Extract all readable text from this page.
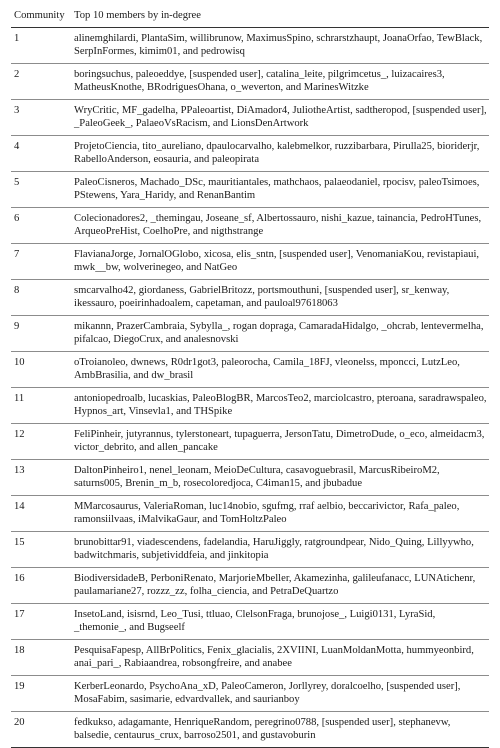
Community	Top 10 members by in-degree
1	alinemghilardi, PlantaSim, willibrunow, MaximusSpino, schrarstzhaupt, JoanaOrfao, TewBlack, SerpInFormes, kimim01, and pedrowisq
2	boringsuchus, paleoeddye, [suspended user], catalina_leite, pilgrimcetus_, luizacaires3, MatheusKnothe, BRodriguesOhana, o_weverton, and MarinesWitzke
3	WryCritic, MF_gadelha, PPaleoartist, DiAmador4, JuliotheArtist, sadtheropod, [suspended user], _PaleoGeek_, PalaeoVsRacism, and LionsDenArtwork
4	ProjetoCiencia, tito_aureliano, dpaulocarvalho, kalebmelkor, ruzzibarbara, Pirulla25, bioriderjr, RabelloAnderson, eosauria, and paleopirata
5	PaleoCisneros, Machado_DSc, mauritiantales, mathchaos, palaeodaniel, rpocisv, paleoTsimoes, PStewens, Yara_Haridy, and RenanBantim
6	Colecionadores2, _themingau, Joseane_sf, Albertossauro, nishi_kazue, tainancia, PedroHTunes, ArqueoPreHist, CoelhoPre, and nigthstrange
7	FlavianaJorge, JornalOGlobo, xicosa, elis_sntn, [suspended user], VenomaniaKou, revistapiaui, mwk__bw, wolverinegeo, and NatGeo
8	smcarvalho42, giordaness, GabrielBritozz, portsmouthuni, [suspended user], sr_kenway, ikessauro, poeirinhadoalem, capetaman, and paulоal97618063
9	mikannn, PrazerCambraia, Sybylla_, rogan dopraga, CamaradaHidalgo, _ohcrab, lentevermelha, pifalcao, DiegoCrux, and analesnovski
10	oTroianoleo, dwnews, R0dr1got3, paleorocha, Camila_18FJ, vleonelss, mponcci, LutzLeo, AmbBrasilia, and dw_brasil
11	antoniopedroalb, lucaskias, PaleoBlogBR, MarcosTeo2, marciolcastro, pteroana, saradrawspaleo, Hypnos_art, Vinsevla1, and THSpike
12	FeliPinheir, jutyrannus, tylerstoneart, tupaguerra, JersonTatu, DimetroDude, o_eco, almeidacm3, victor_debrito, and allen_pancake
13	DaltonPinheiro1, nenel_leonam, MeioDeCultura, casavoguebrasil, MarcusRibeiroM2, saturns005, Brenin_m_b, rosecoloredjoca, C4iman15, and jbubadue
14	MMarcosaurus, ValeriaRoman, luc14nobio, sgufmg, rraf aelbio, beccarivictor, Rafa_paleo, ramonsiilvaas, iMalvikaGaur, and TomHoltzPaleo
15	brunobittar91, viadescendens, fadelandia, HaruJiggly, ratgroundpear, Nido_Quing, Lillyywho, badwitchmaris, subjetividdfeia, and jinkitopia
16	BiodiversidadeB, PerboniRenato, MarjorieMbeller, Akamezinha, galileufanacc, LUNAtichenr, paulamariane27, rozzz_zz, folha_ciencia, and PetraDeQuartzo
17	InsetoLand, isisrnd, Leo_Tusi, ttluao, ClelsonFraga, brunojose_, Luigi0131, LyraSid, _themonie_, and Bugseelf
18	PesquisaFapesp, AllBrPolitics, Fenix_glacialis, 2XVIINI, LuanMoldanMotta, hummyeonbird, anai_pari_, Rabiaandrea, robsongfreire, and anabee
19	KerberLeonardo, PsychoAna_xD, PaleoCameron, Jorllyrey, doralcoelho, [suspended user], MosaFabim, sasimarie, edvardvallek, and saurianboy
20	fedkukso, adagamante, HenriqueRandom, peregrino0788, [suspended user], stephanevw, balsedie, centaurus_crux, barroso2501, and gustavoburin
